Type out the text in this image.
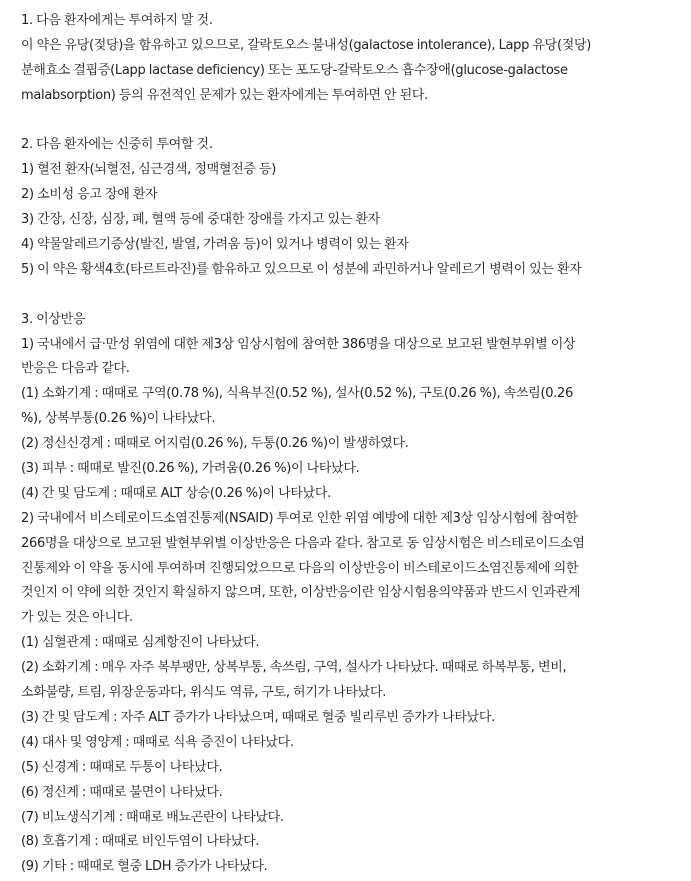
1. 다음 환자에게는 투여하지 말 것.
이 약은 유당(젖당)을 함유하고 있으므로, 갈락토오스 불내성(galactose intolerance), Lapp 유당(젖당)
분해효소 결핍증(Lapp lactase deficiency) 또는 포도당-갈락토오스 흡수장애(glucose-galactose
malabsorption) 등의 유전적인 문제가 있는 환자에게는 투여하면 안 된다.
2. 다음 환자에는 신중히 투여할 것.
1) 혈전 환자(뇌혈전, 심근경색, 정맥혈전증 등)
2) 소비성 응고 장애 환자
3) 간장, 신장, 심장, 폐, 혈액 등에 중대한 장애를 가지고 있는 환자
4) 약물알레르기증상(발진, 발열, 가려움 등)이 있거나 병력이 있는 환자
5) 이 약은 황색4호(타르트라진)를 함유하고 있으므로 이 성분에 과민하거나 알레르기 병력이 있는 환자
3. 이상반응
1) 국내에서 급·만성 위염에 대한 제3상 임상시험에 참여한 386명을 대상으로 보고된 발현부위별 이상
반응은 다음과 같다.
(1) 소화기계 : 때때로 구역(0.78 %), 식욕부진(0.52 %), 설사(0.52 %), 구토(0.26 %), 속쓰림(0.26
%), 상복부통(0.26 %)이 나타났다.
(2) 정신신경계 : 때때로 어지럼(0.26 %), 두통(0.26 %)이 발생하였다.
(3) 피부 : 때때로 발진(0.26 %), 가려움(0.26 %)이 나타났다.
(4) 간 및 담도계 : 때때로 ALT 상승(0.26 %)이 나타났다.
2) 국내에서 비스테로이드소염진통제(NSAID) 투여로 인한 위염 예방에 대한 제3상 임상시험에 참여한
266명을 대상으로 보고된 발현부위별 이상반응은 다음과 같다. 참고로 동 임상시험은 비스테로이드소염
진통제와 이 약을 동시에 투여하며 진행되었으므로 다음의 이상반응이 비스테로이드소염진통제에 의한
것인지 이 약에 의한 것인지 확실하지 않으며, 또한, 이상반응이란 임상시험용의약품과 반드시 인과관계
가 있는 것은 아니다.
(1) 심혈관계 : 때때로 심계항진이 나타났다.
(2) 소화기계 : 매우 자주 복부팽만, 상복부통, 속쓰림, 구역, 설사가 나타났다. 때때로 하복부통, 변비,
소화불량, 트림, 위장운동과다, 위식도 역류, 구토, 허기가 나타났다.
(3) 간 및 담도계 : 자주 ALT 증가가 나타났으며, 때때로 혈중 빌리루빈 증가가 나타났다.
(4) 대사 및 영양계 : 때때로 식욕 증진이 나타났다.
(5) 신경계 : 때때로 두통이 나타났다.
(6) 정신계 : 때때로 불면이 나타났다.
(7) 비뇨생식기계 : 때때로 배뇨곤란이 나타났다.
(8) 호흡기계 : 때때로 비인두염이 나타났다.
(9) 기타 : 때때로 혈중 LDH 증가가 나타났다.
